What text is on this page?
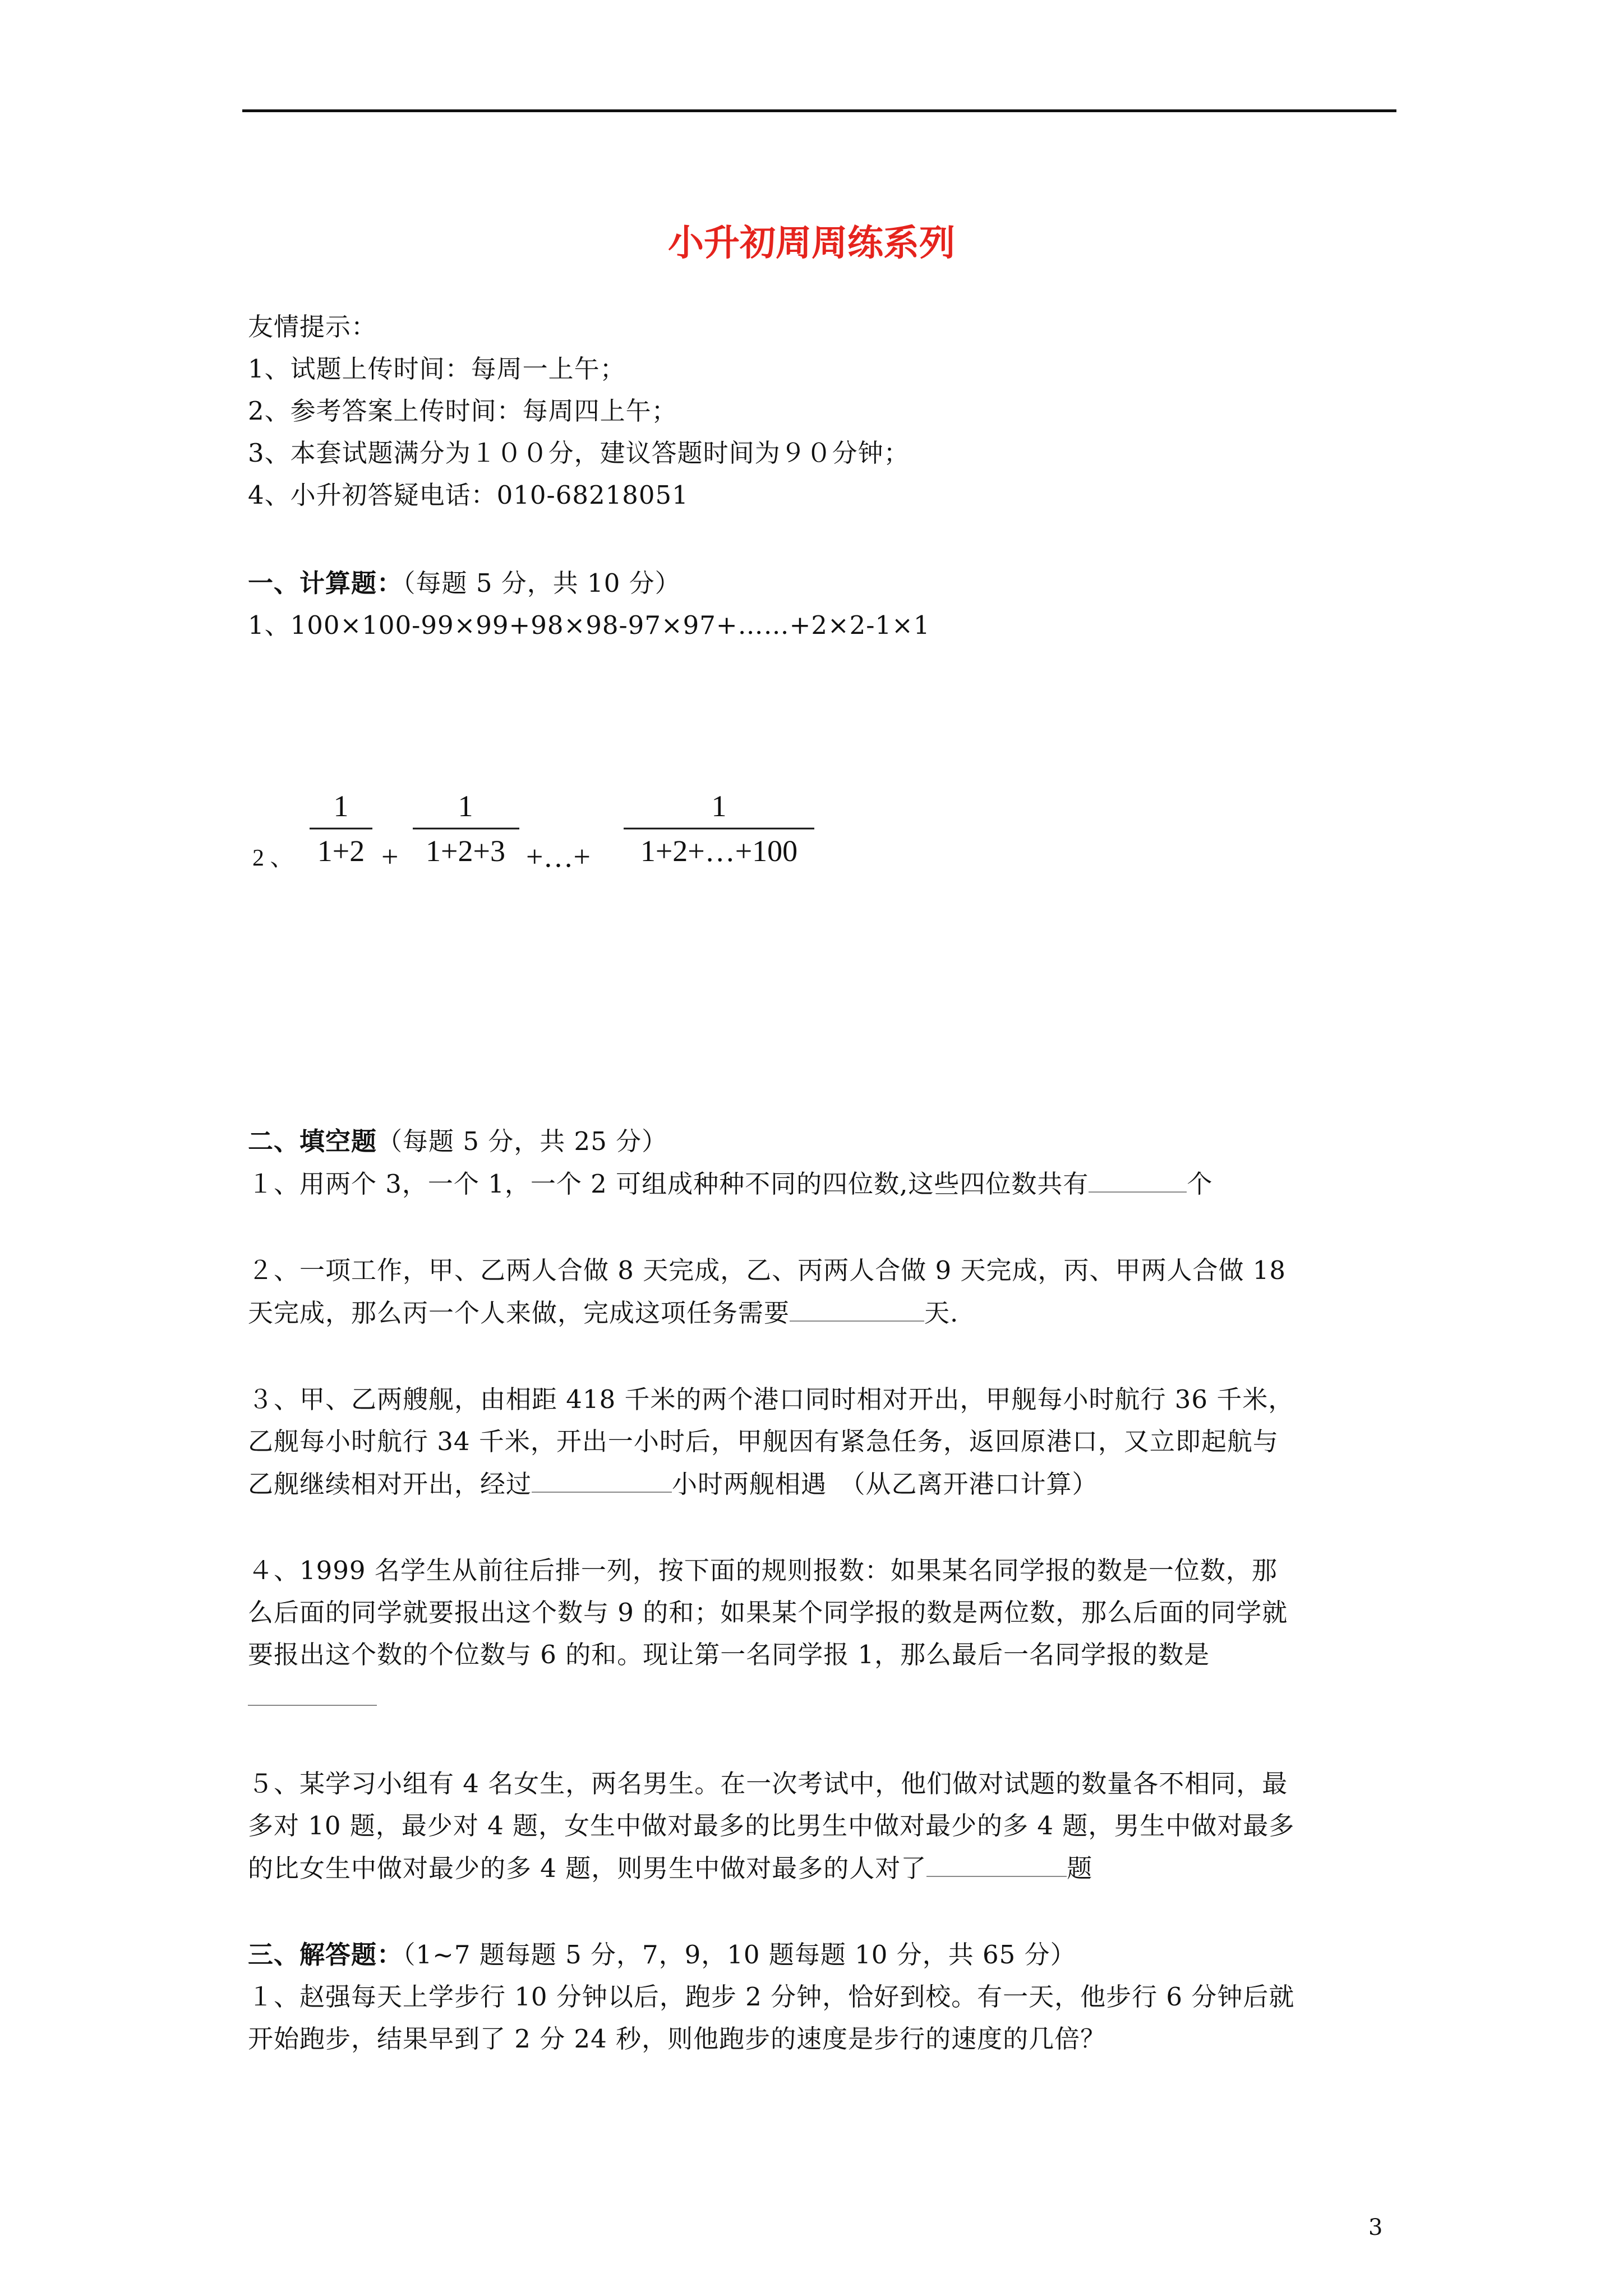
小升初周周练系列
友情提示：
1、试题上传时间：每周一上午；
2、参考答案上传时间：每周四上午；
3、本套试题满分为１００分，建议答题时间为９０分钟；
4、小升初答疑电话：010-68218051
一、计算题：（每题 5 分，共 10 分）
1、100×100-99×99+98×98-97×97+……+2×2-1×1
2 、
1
1+2 +
1
1+2+3 +…+
1
1+2+…+100
二、填空题（每题 5 分，共 25 分）
１、用两个 3，一个 1，一个 2 可组成种种不同的四位数,这些四位数共有	个
２、一项工作，甲、乙两人合做 8 天完成，乙、丙两人合做 9 天完成，丙、甲两人合做 18
天完成，那么丙一个人来做，完成这项任务需要	天.
３、甲、乙两艘舰，由相距 418 千米的两个港口同时相对开出，甲舰每小时航行 36 千米，
乙舰每小时航行 34 千米，开出一小时后，甲舰因有紧急任务，返回原港口，又立即起航与
乙舰继续相对开出，经过	小时两舰相遇　（从乙离开港口计算）
４、1999 名学生从前往后排一列，按下面的规则报数：如果某名同学报的数是一位数，那
么后面的同学就要报出这个数与 9 的和；如果某个同学报的数是两位数，那么后面的同学就
要报出这个数的个位数与 6 的和。现让第一名同学报 1，那么最后一名同学报的数是
５、某学习小组有 4 名女生，两名男生。在一次考试中，他们做对试题的数量各不相同，最
多对 10 题，最少对 4 题，女生中做对最多的比男生中做对最少的多 4 题，男生中做对最多
的比女生中做对最少的多 4 题，则男生中做对最多的人对了	题
三、解答题：（1~7 题每题 5 分，7，9，10 题每题 10 分，共 65 分）
１、赵强每天上学步行 10 分钟以后，跑步 2 分钟，恰好到校。有一天，他步行 6 分钟后就
开始跑步，结果早到了 2 分 24 秒，则他跑步的速度是步行的速度的几倍？
3
